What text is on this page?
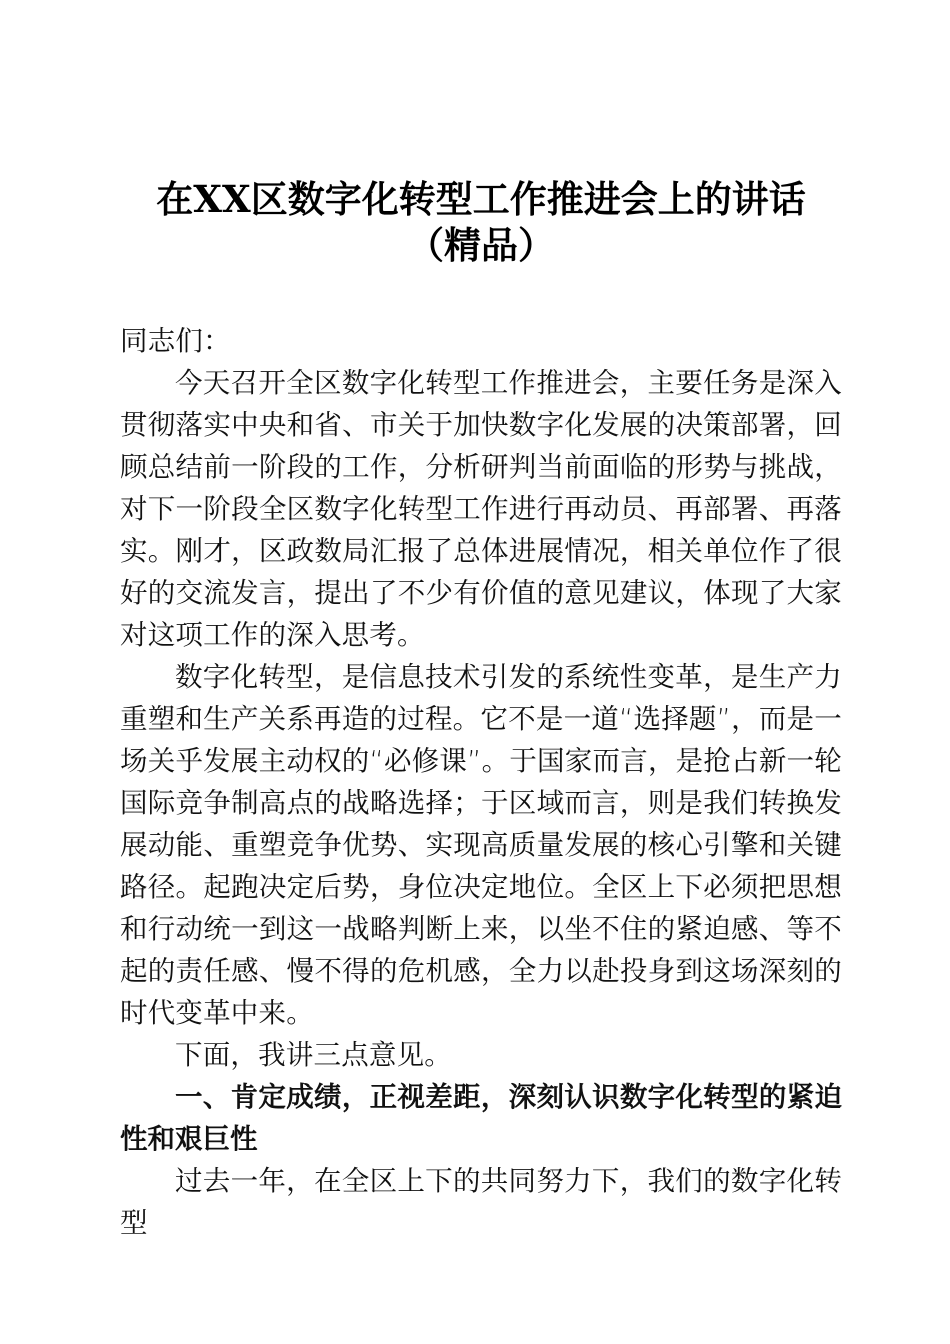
在XX区数字化转型工作推进会上的讲话（精品）

同志们：

今天召开全区数字化转型工作推进会，主要任务是深入贯彻落实中央和省、市关于加快数字化发展的决策部署，回顾总结前一阶段的工作，分析研判当前面临的形势与挑战，对下一阶段全区数字化转型工作进行再动员、再部署、再落实。刚才，区政数局汇报了总体进展情况，相关单位作了很好的交流发言，提出了不少有价值的意见建议，体现了大家对这项工作的深入思考。

数字化转型，是信息技术引发的系统性变革，是生产力重塑和生产关系再造的过程。它不是一道“选择题”，而是一场关乎发展主动权的“必修课”。于国家而言，是抢占新一轮国际竞争制高点的战略选择；于区域而言，则是我们转换发展动能、重塑竞争优势、实现高质量发展的核心引擎和关键路径。起跑决定后势，身位决定地位。全区上下必须把思想和行动统一到这一战略判断上来，以坐不住的紧迫感、等不起的责任感、慢不得的危机感，全力以赴投身到这场深刻的时代变革中来。

下面，我讲三点意见。

一、肯定成绩，正视差距，深刻认识数字化转型的紧迫性和艰巨性

过去一年，在全区上下的共同努力下，我们的数字化转型
